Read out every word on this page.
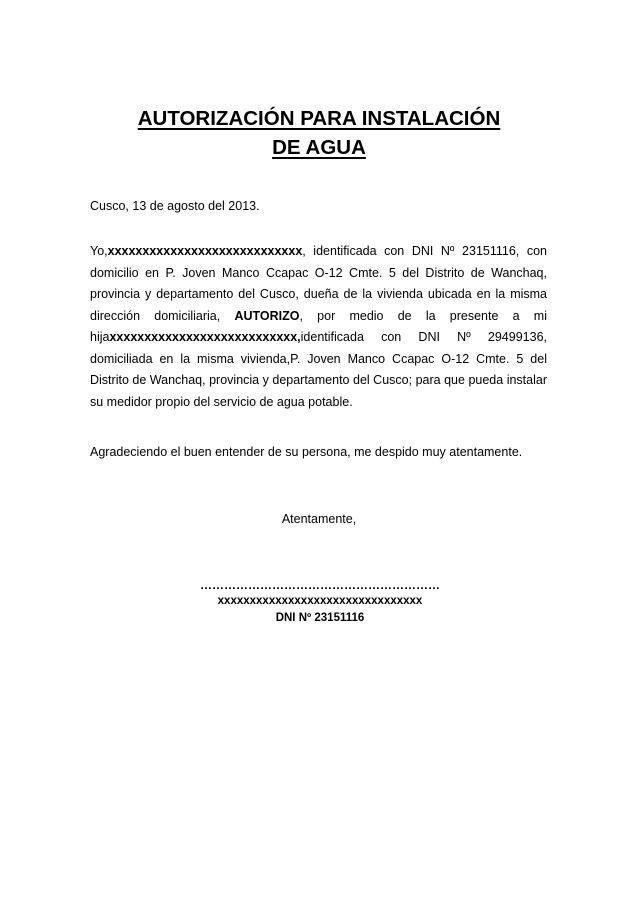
AUTORIZACIÓN PARA INSTALACIÓN
DE AGUA
Cusco, 13 de agosto del 2013.

Yo,xxxxxxxxxxxxxxxxxxxxxxxxxxxx, identificada con DNI Nº 23151116, con domicilio en P. Joven Manco Ccapac O-12 Cmte. 5 del Distrito de Wanchaq, provincia y departamento del Cusco, dueña de la vivienda ubicada en la misma dirección domiciliaria, AUTORIZO, por medio de la presente a mi hijaxxxxxxxxxxxxxxxxxxxxxxxxxxx,identificada con DNI Nº 29499136, domiciliada en la misma vivienda,P. Joven Manco Ccapac O-12 Cmte. 5 del Distrito de Wanchaq, provincia y departamento del Cusco; para que pueda instalar su medidor propio del servicio de agua potable.

Agradeciendo el buen entender de su persona, me despido muy atentamente.
Atentamente,
……………………………………………………
xxxxxxxxxxxxxxxxxxxxxxxxxxxxxxxx
DNI Nº 23151116
